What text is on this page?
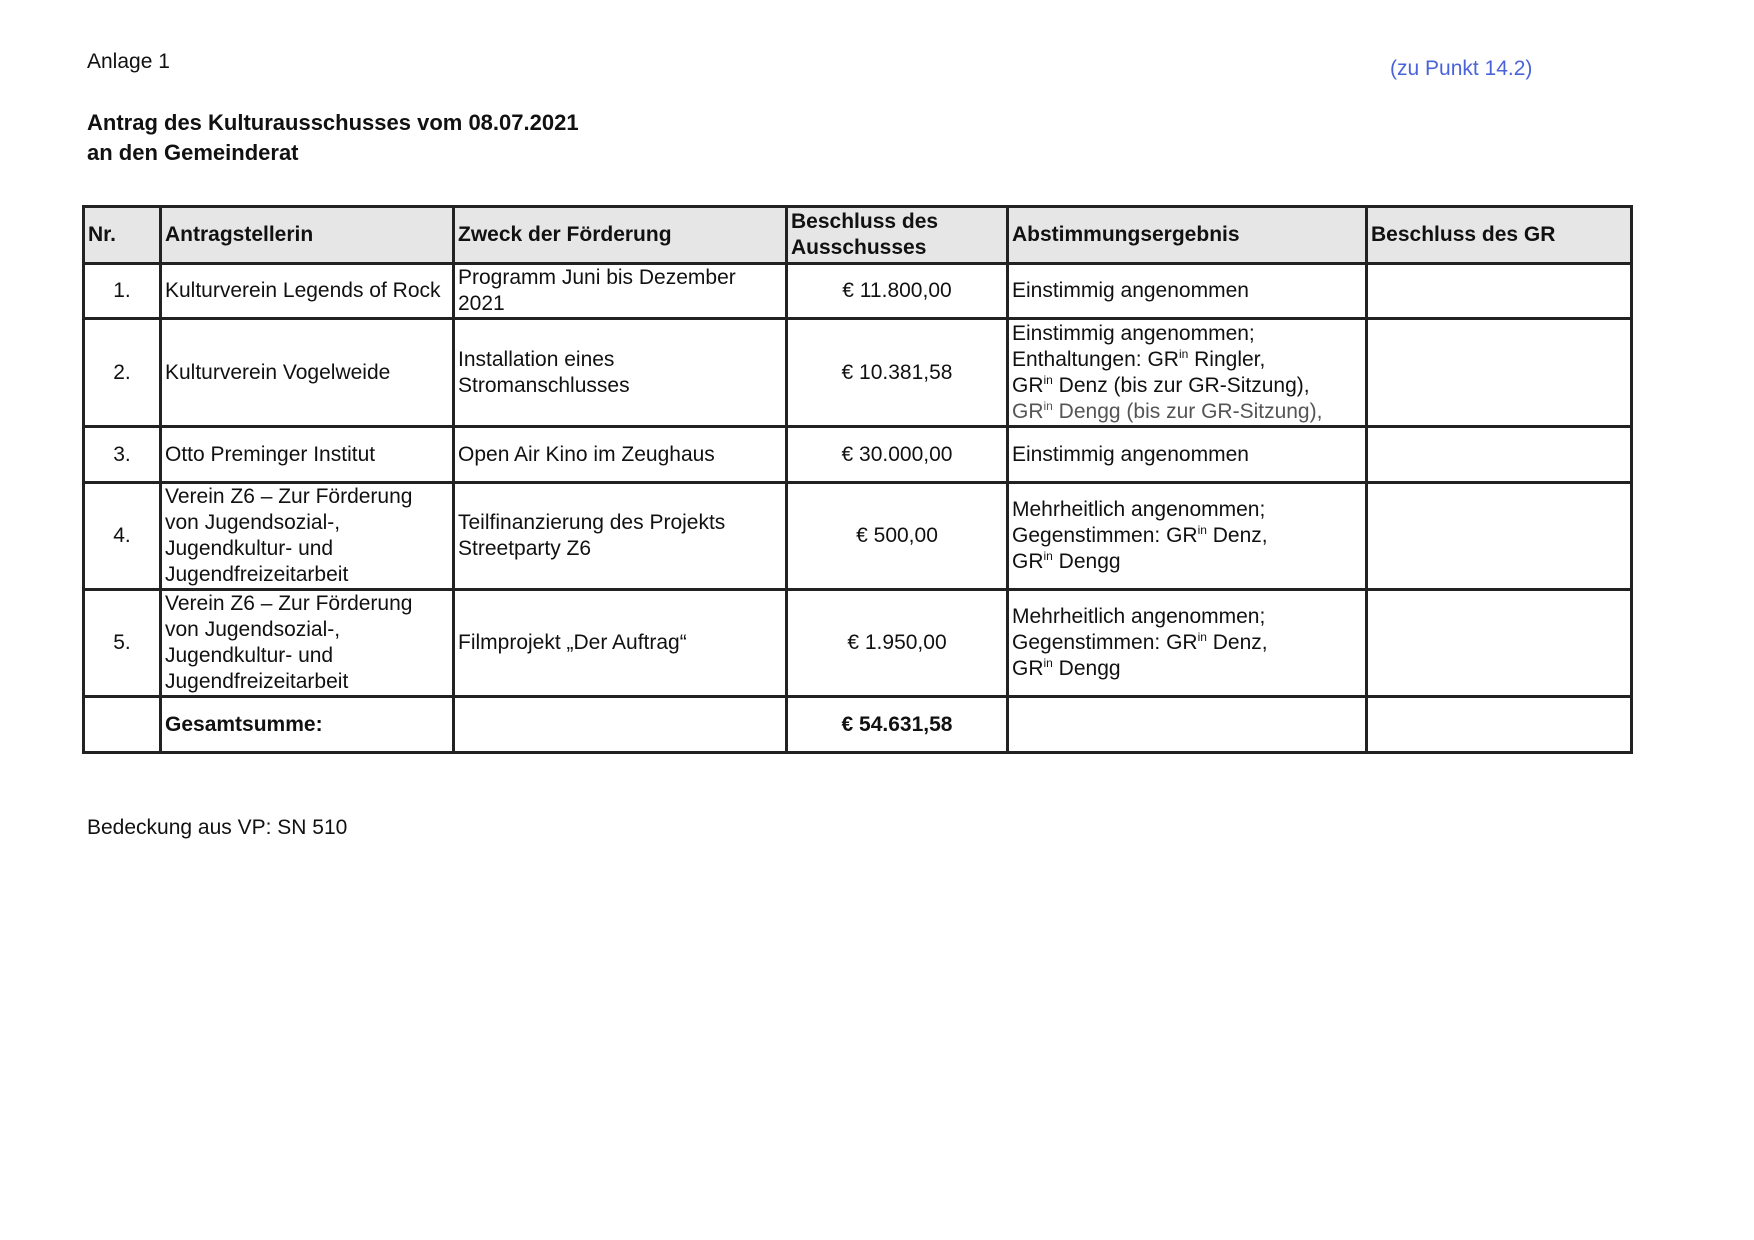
Anlage 1	(zu Punkt 14.2)
Antrag des Kulturausschusses vom 08.07.2021
an den Gemeinderat
Nr.	Antragstellerin	Zweck der Förderung	Beschluss des Ausschusses	Abstimmungsergebnis	Beschluss des GR
1.	Kulturverein Legends of Rock	Programm Juni bis Dezember 2021	€ 11.800,00	Einstimmig angenommen	

2.	Kulturverein Vogelweide	Installation eines Stromanschlusses	€ 10.381,58	Einstimmig angenommen;
Enthaltungen: $GR^{in}$ Ringler,
$GR^{in}$ Denz (bis zur GR-Sitzung),
$GR^{in}$ Dengg (bis zur GR-Sitzung),	

3.	Otto Preminger Institut	Open Air Kino im Zeughaus	€ 30.000,00	Einstimmig angenommen	

4.	Verein Z6 – Zur Förderung von Jugendsozial-, Jugendkultur- und Jugendfreizeitarbeit	Teilfinanzierung des Projekts Streetparty Z6	€ 500,00	Mehrheitlich angenommen;
Gegenstimmen: $GR^{in}$ Denz,
$GR^{in}$ Dengg	

5.	Verein Z6 – Zur Förderung von Jugendsozial-, Jugendkultur- und Jugendfreizeitarbeit	Filmprojekt „Der Auftrag“	€ 1.950,00	Mehrheitlich angenommen;
Gegenstimmen: $GR^{in}$ Denz,
$GR^{in}$ Dengg	

	Gesamtsumme:		€ 54.631,58		
Bedeckung aus VP: SN 510
